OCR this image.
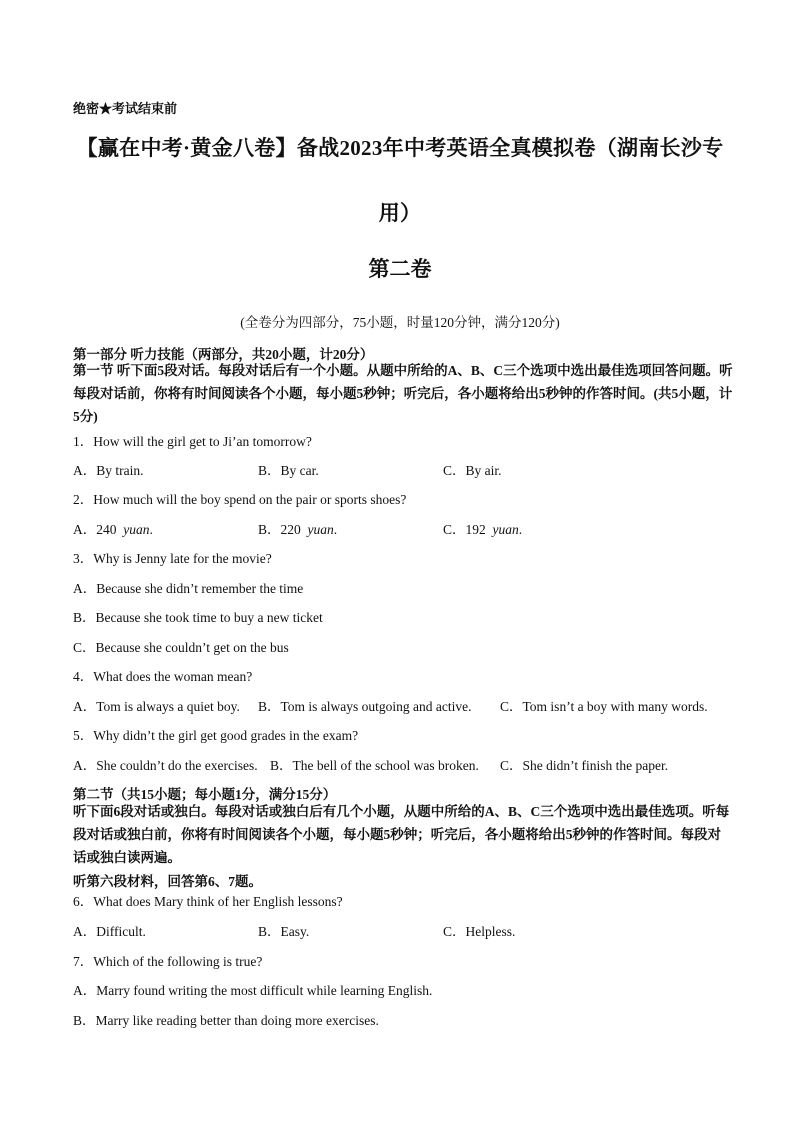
绝密★考试结束前
【赢在中考·黄金八卷】备战2023年中考英语全真模拟卷（湖南长沙专
用）
第二卷
(全卷分为四部分，75小题，时量120分钟，满分120分)
第一部分 听力技能（两部分，共20小题，计20分）
第一节 听下面5段对话。每段对话后有一个小题。从题中所给的A、B、C三个选项中选出最佳选项回答问题。听每段对话前，你将有时间阅读各个小题，每小题5秒钟；听完后，各小题将给出5秒钟的作答时间。(共5小题，计5分)
1．How will the girl get to Ji’an tomorrow?
A．By train.	B．By car.	C．By air.
2．How much will the boy spend on the pair or sports shoes?
A．240 yuan.	B．220 yuan.	C．192 yuan.
3．Why is Jenny late for the movie?
A．Because she didn’t remember the time
B．Because she took time to buy a new ticket
C．Because she couldn’t get on the bus
4．What does the woman mean?
A．Tom is always a quiet boy. B．Tom is always outgoing and active. C．Tom isn’t a boy with many words.
5．Why didn’t the girl get good grades in the exam?
A．She couldn’t do the exercises. B．The bell of the school was broken. C．She didn’t finish the paper.
第二节（共15小题；每小题1分，满分15分）
听下面6段对话或独白。每段对话或独白后有几个小题，从题中所给的A、B、C三个选项中选出最佳选项。听每段对话或独白前，你将有时间阅读各个小题，每小题5秒钟；听完后，各小题将给出5秒钟的作答时间。每段对话或独白读两遍。
听第六段材料，回答第6、7题。
6．What does Mary think of her English lessons?
A．Difficult.	B．Easy.	C．Helpless.
7．Which of the following is true?
A．Marry found writing the most difficult while learning English.
B．Marry like reading better than doing more exercises.
